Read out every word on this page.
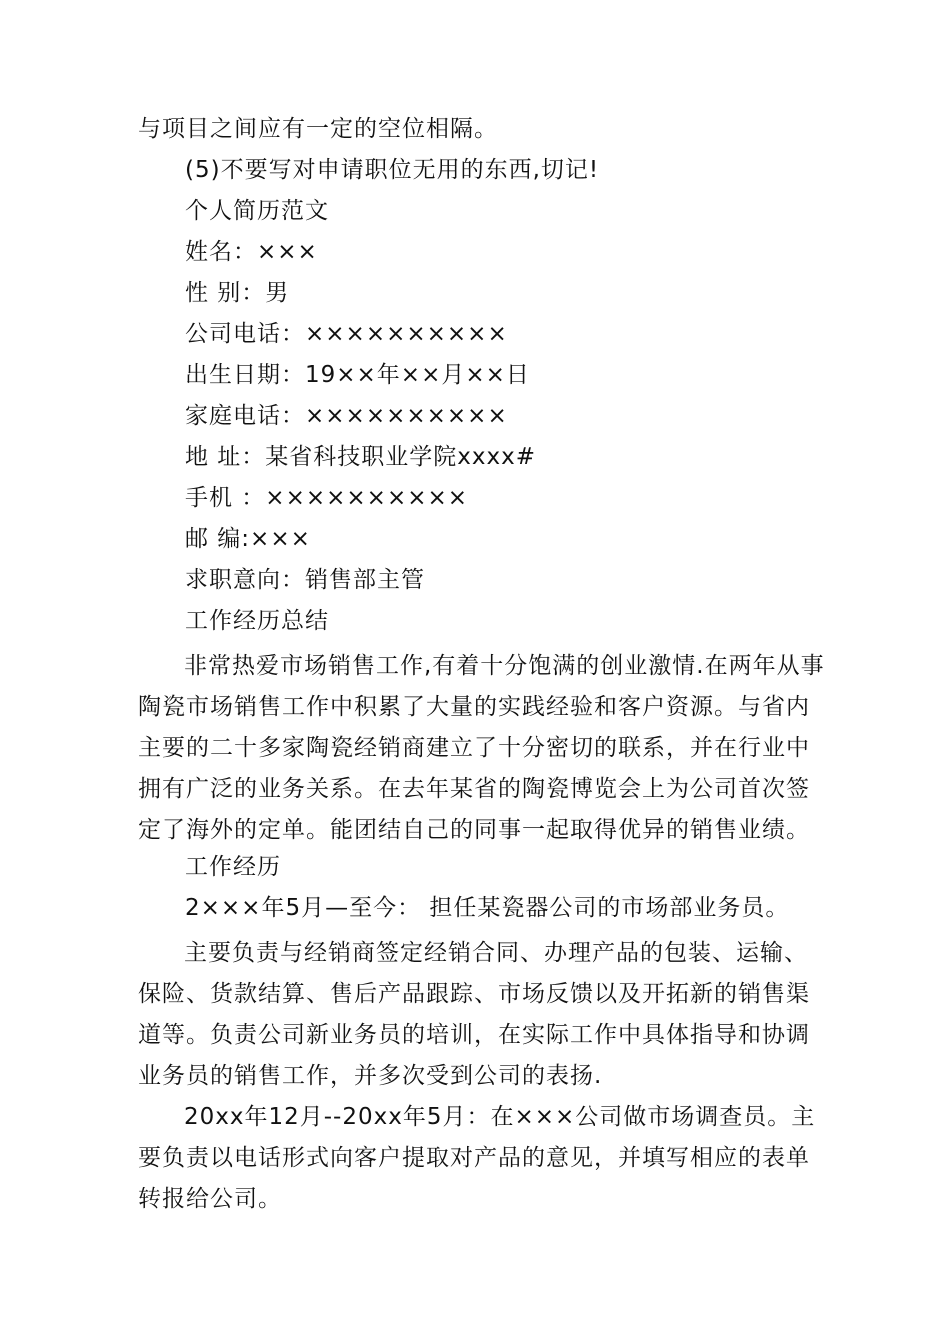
与项目之间应有一定的空位相隔。
(5)不要写对申请职位无用的东西,切记!
个人简历范文
姓名：×××
性 别：男
公司电话：××××××××××
出生日期：19××年××月××日
家庭电话：××××××××××
地 址：某省科技职业学院xxxx#
手机 ：××××××××××
邮 编:×××
求职意向：销售部主管
工作经历总结
非常热爱市场销售工作,有着十分饱满的创业激情.在两年从事陶瓷市场销售工作中积累了大量的实践经验和客户资源。与省内主要的二十多家陶瓷经销商建立了十分密切的联系，并在行业中拥有广泛的业务关系。在去年某省的陶瓷博览会上为公司首次签定了海外的定单。能团结自己的同事一起取得优异的销售业绩。
工作经历
2×××年5月—至今： 担任某瓷器公司的市场部业务员。
主要负责与经销商签定经销合同、办理产品的包装、运输、保险、货款结算、售后产品跟踪、市场反馈以及开拓新的销售渠道等。负责公司新业务员的培训，在实际工作中具体指导和协调业务员的销售工作，并多次受到公司的表扬.
20xx年12月--20xx年5月：在×××公司做市场调查员。主要负责以电话形式向客户提取对产品的意见，并填写相应的表单转报给公司。
